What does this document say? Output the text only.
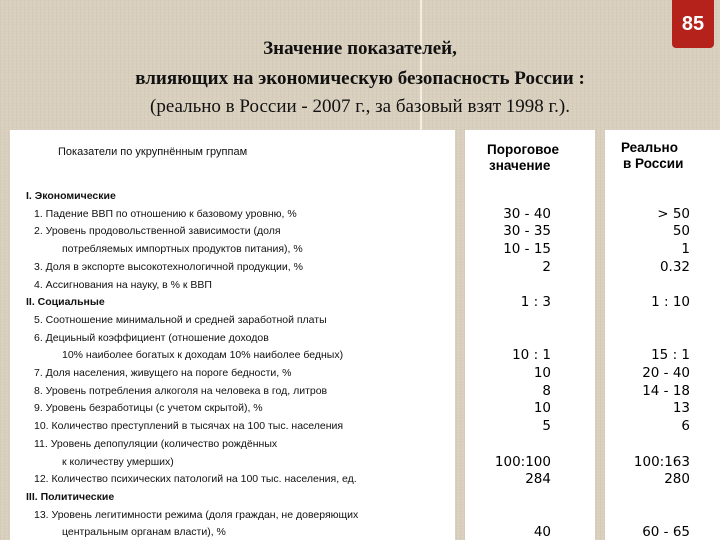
85
Значение показателей,
влияющих на экономическую безопасность России :
(реально в России - 2007 г., за базовый взят 1998 г.).
Показатели по укрупнённым группам
I. Экономические
1. Падение ВВП по отношению к базовому уровню, %
2. Уровень продовольственной зависимости (доля
потребляемых импортных продуктов питания), %
3. Доля в экспорте высокотехнологичной продукции, %
4. Ассигнования на науку, в % к ВВП
II. Социальные
5. Соотношение минимальной и средней заработной платы
6. Дециьный коэффициент (отношение доходов
10% наиболее богатых к доходам 10% наиболее бедных)
7. Доля населения, живущего на пороге бедности, %
8. Уровень потребления алкоголя на человека в год, литров
9. Уровень безработицы (с учетом скрытой), %
10. Количество преступлений в тысячах на 100 тыс. населения
11. Уровень депопуляции (количество рождённых
к количеству умерших)
12. Количество психических патологий на 100 тыс. населения, ед.
III. Политические
13. Уровень легитимности режима (доля граждан, не доверяющих
центральным органам власти), %
Пороговое
значение
30 - 40
30 - 35
10 - 15
2
1 : 3
10 : 1
10
8
10
5
100:100
284
40
Реально
в России
> 50
50
1
0.32
1 : 10
15 : 1
20 - 40
14 - 18
13
6
100:163
280
60 - 65
